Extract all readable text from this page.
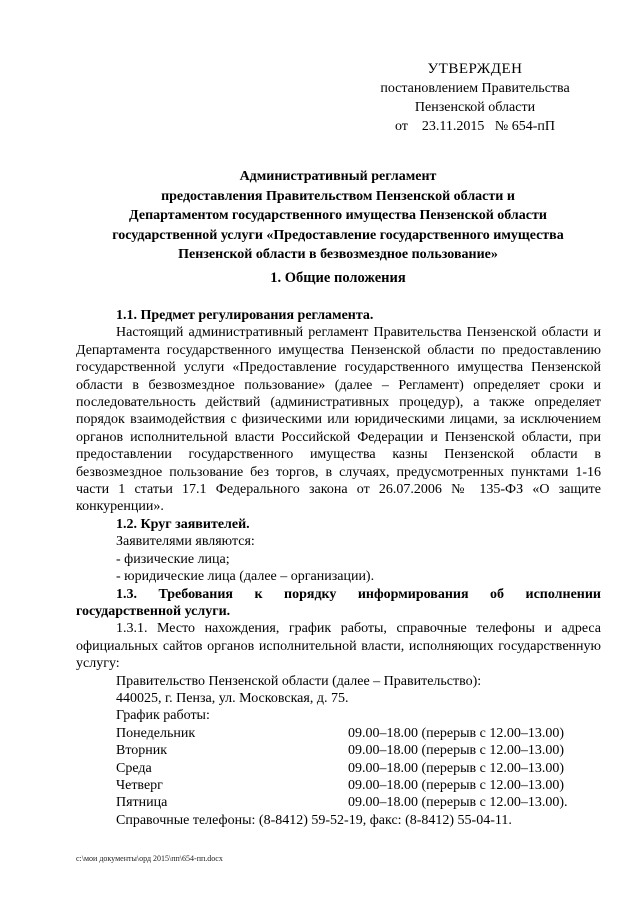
УТВЕРЖДЕН
постановлением Правительства
Пензенской области
от    23.11.2015   № 654-пП
Административный регламент
предоставления Правительством Пензенской области и
Департаментом государственного имущества Пензенской области
государственной услуги «Предоставление государственного имущества
Пензенской области в безвозмездное пользование»
1. Общие положения

1.1. Предмет регулирования регламента.

Настоящий административный регламент Правительства Пензенской области и Департамента государственного имущества Пензенской области по предоставлению государственной услуги «Предоставление государственного имущества Пензенской области в безвозмездное пользование» (далее – Регламент) определяет сроки и последовательность действий (административных процедур), а также определяет порядок взаимодействия с физическими или юридическими лицами, за исключением органов исполнительной власти Российской Федерации и Пензенской области, при предоставлении государственного имущества казны Пензенской области в безвозмездное пользование без торгов, в случаях, предусмотренных пунктами 1-16 части 1 статьи 17.1 Федерального закона от 26.07.2006 № 135-ФЗ «О защите конкуренции».

1.2. Круг заявителей.

Заявителями являются:

- физические лица;

- юридические лица (далее – организации).

1.3. Требования к порядку информирования об исполнении государственной услуги.

1.3.1. Место нахождения, график работы, справочные телефоны и адреса официальных сайтов органов исполнительной власти, исполняющих государственную услугу:

Правительство Пензенской области (далее – Правительство):

440025, г. Пенза, ул. Московская, д. 75.

График работы:

Понедельник	09.00–18.00 (перерыв с 12.00–13.00)
Вторник	09.00–18.00 (перерыв с 12.00–13.00)
Среда	09.00–18.00 (перерыв с 12.00–13.00)
Четверг	09.00–18.00 (перерыв с 12.00–13.00)
Пятница	09.00–18.00 (перерыв с 12.00–13.00).

Справочные телефоны: (8-8412) 59-52-19, факс: (8-8412) 55-04-11.

c:\мои документы\орд 2015\пп\654-пп.docx
